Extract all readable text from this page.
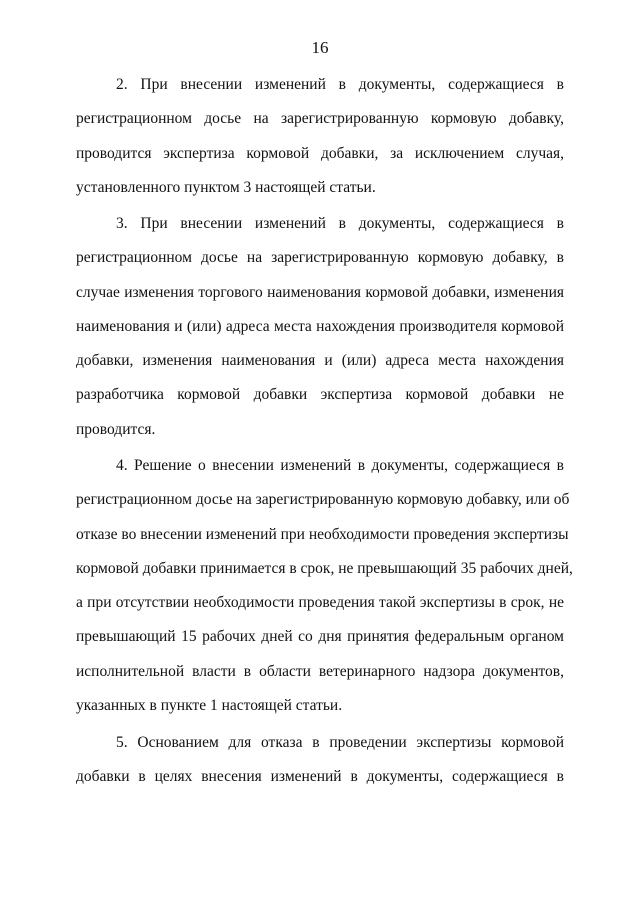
16
2. При внесении изменений в документы, содержащиеся в
регистрационном досье на зарегистрированную кормовую добавку,
проводится экспертиза кормовой добавки, за исключением случая,
установленного пунктом 3 настоящей статьи.
3. При внесении изменений в документы, содержащиеся в
регистрационном досье на зарегистрированную кормовую добавку, в
случае изменения торгового наименования кормовой добавки, изменения
наименования и (или) адреса места нахождения производителя кормовой
добавки, изменения наименования и (или) адреса места нахождения
разработчика кормовой добавки экспертиза кормовой добавки не
проводится.
4. Решение о внесении изменений в документы, содержащиеся в
регистрационном досье на зарегистрированную кормовую добавку, или об
отказе во внесении изменений при необходимости проведения экспертизы
кормовой добавки принимается в срок, не превышающий 35 рабочих дней,
а при отсутствии необходимости проведения такой экспертизы в срок, не
превышающий 15 рабочих дней со дня принятия федеральным органом
исполнительной власти в области ветеринарного надзора документов,
указанных в пункте 1 настоящей статьи.
5. Основанием для отказа в проведении экспертизы кормовой
добавки в целях внесения изменений в документы, содержащиеся в
